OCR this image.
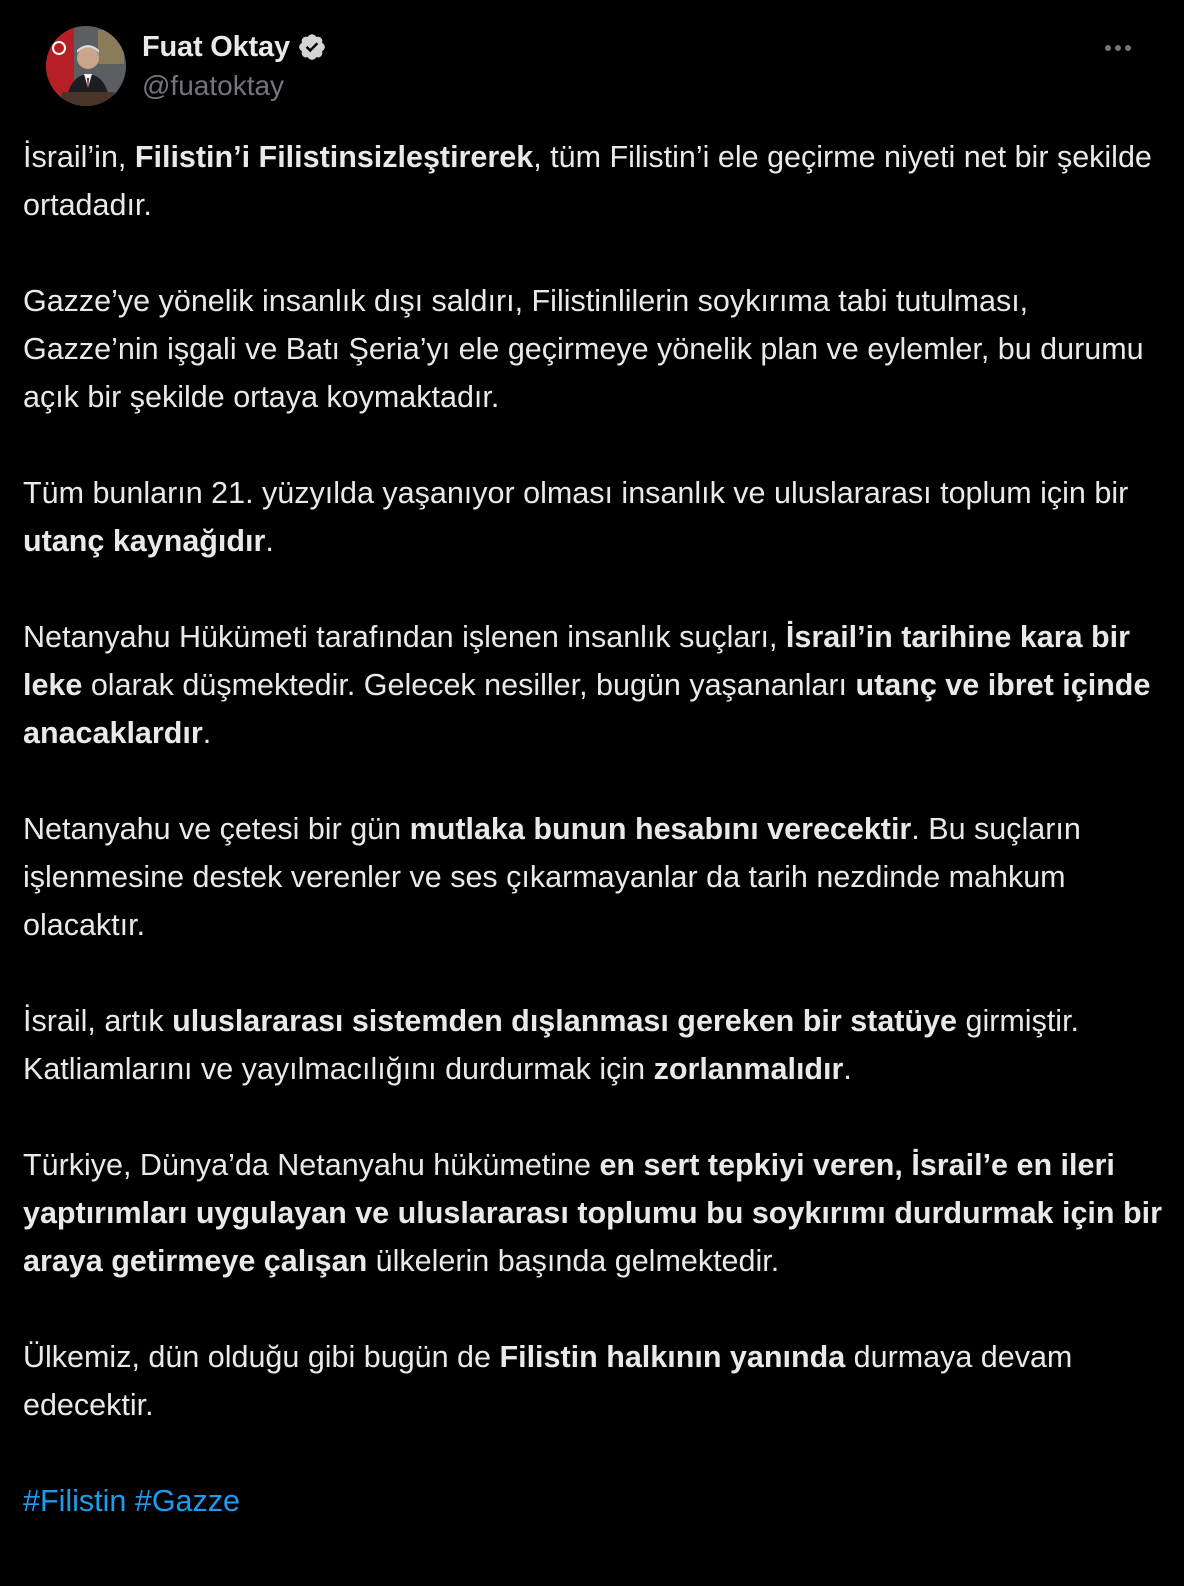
Fuat Oktay
@fuatoktay

İsrail’in, Filistin’i Filistinsizleştirerek, tüm Filistin’i ele geçirme niyeti net bir şekilde ortadadır.

Gazze’ye yönelik insanlık dışı saldırı, Filistinlilerin soykırıma tabi tutulması, Gazze’nin işgali ve Batı Şeria’yı ele geçirmeye yönelik plan ve eylemler, bu durumu açık bir şekilde ortaya koymaktadır.

Tüm bunların 21. yüzyılda yaşanıyor olması insanlık ve uluslararası toplum için bir utanç kaynağıdır.

Netanyahu Hükümeti tarafından işlenen insanlık suçları, İsrail’in tarihine kara bir leke olarak düşmektedir. Gelecek nesiller, bugün yaşananları utanç ve ibret içinde anacaklardır.

Netanyahu ve çetesi bir gün mutlaka bunun hesabını verecektir. Bu suçların işlenmesine destek verenler ve ses çıkarmayanlar da tarih nezdinde mahkum olacaktır.

İsrail, artık uluslararası sistemden dışlanması gereken bir statüye girmiştir. Katliamlarını ve yayılmacılığını durdurmak için zorlanmalıdır.

Türkiye, Dünya’da Netanyahu hükümetine en sert tepkiyi veren, İsrail’e en ileri yaptırımları uygulayan ve uluslararası toplumu bu soykırımı durdurmak için bir araya getirmeye çalışan ülkelerin başında gelmektedir.

Ülkemiz, dün olduğu gibi bugün de Filistin halkının yanında durmaya devam edecektir.

#Filistin #Gazze
